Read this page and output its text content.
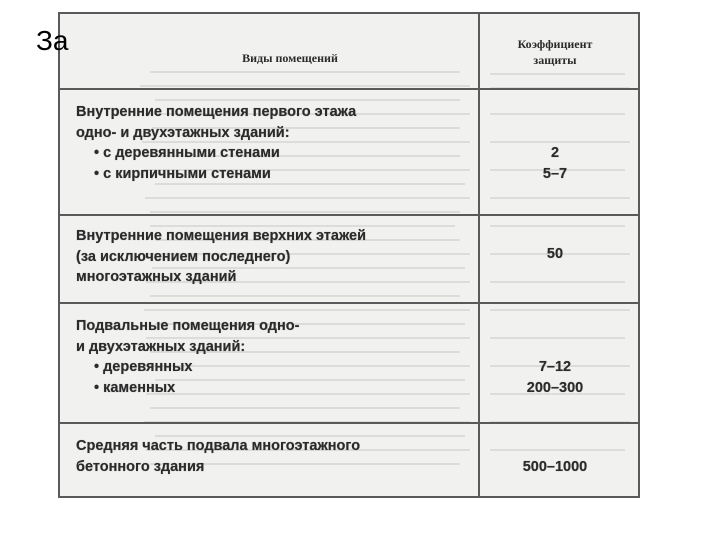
За
Виды помещений
Коэффициент защиты
Внутренние помещения первого этажа
одно- и двухэтажных зданий:
• с деревянными стенами
• с кирпичными стенами

2
5–7
Внутренние помещения верхних этажей
(за исключением последнего)
многоэтажных зданий
50
Подвальные помещения одно-
и двухэтажных зданий:
• деревянных
• каменных

7–12
200–300
Средняя часть подвала многоэтажного
бетонного здания
	500–1000
